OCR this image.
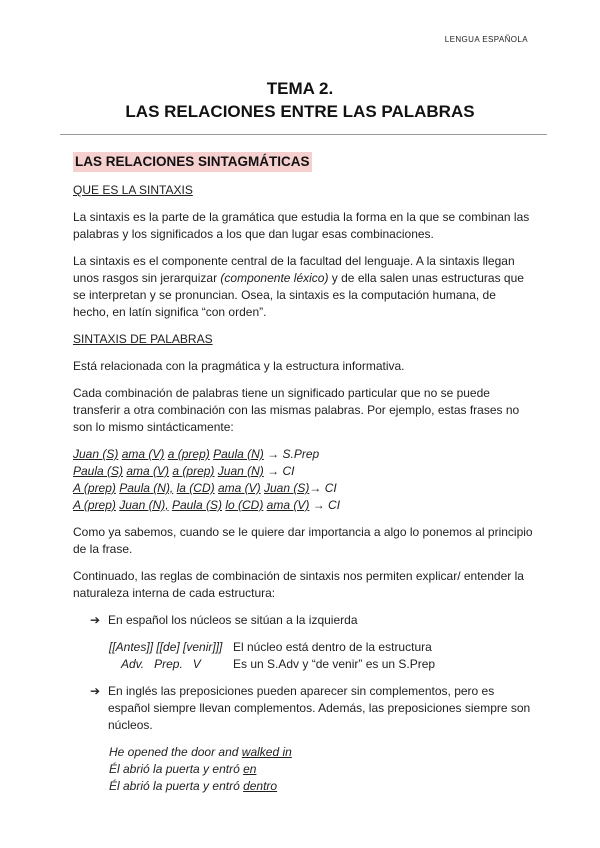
LENGUA ESPAÑOLA
TEMA 2.
LAS RELACIONES ENTRE LAS PALABRAS
LAS RELACIONES SINTAGMÁTICAS
QUE ES LA SINTAXIS

La sintaxis es la parte de la gramática que estudia la forma en la que se combinan las palabras y los significados a los que dan lugar esas combinaciones.

La sintaxis es el componente central de la facultad del lenguaje. A la sintaxis llegan unos rasgos sin jerarquizar (componente léxico) y de ella salen unas estructuras que se interpretan y se pronuncian. Osea, la sintaxis es la computación humana, de hecho, en latín significa “con orden”.

SINTAXIS DE PALABRAS

Está relacionada con la pragmática y la estructura informativa.

Cada combinación de palabras tiene un significado particular que no se puede transferir a otra combinación con las mismas palabras. Por ejemplo, estas frases no son lo mismo sintácticamente:

Juan (S) ama (V) a (prep) Paula (N) → S.Prep
Paula (S) ama (V) a (prep) Juan (N) → CI
A (prep) Paula (N), la (CD) ama (V) Juan (S)→ CI
A (prep) Juan (N), Paula (S) lo (CD) ama (V) → CI

Como ya sabemos, cuando se le quiere dar importancia a algo lo ponemos al principio de la frase.

Continuado, las reglas de combinación de sintaxis nos permiten explicar/ entender la naturaleza interna de cada estructura:

➔ En español los núcleos se sitúan a la izquierda
[[Antes]] [[de] [venir]]] El núcleo está dentro de la estructura
Adv.   Prep.   V	Es un S.Adv y “de venir” es un S.Prep
➔ En inglés las preposiciones pueden aparecer sin complementos, pero es español siempre llevan complementos. Además, las preposiciones siempre son núcleos.
He opened the door and walked in
Él abrió la puerta y entró en
Él abrió la puerta y entró dentro
